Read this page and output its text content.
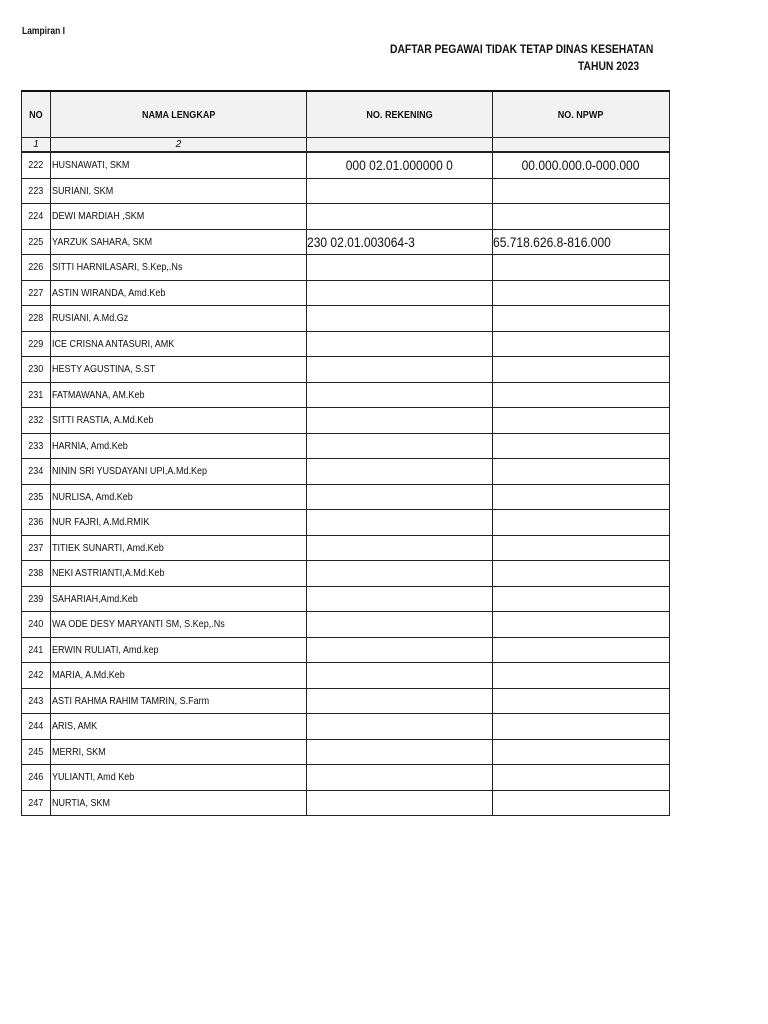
Lampiran I
DAFTAR PEGAWAI TIDAK TETAP DINAS KESEHATAN
TAHUN 2023
NO	NAMA LENGKAP	NO. REKENING	NO. NPWP
1	2		
222	HUSNAWATI, SKM	000 02.01.000000 0	00.000.000.0-000.000
223	SURIANI, SKM		
224	DEWI MARDIAH ,SKM		
225	YARZUK SAHARA, SKM	230 02.01.003064-3	65.718.626.8-816.000
226	SITTI HARNILASARI, S.Kep,.Ns		
227	ASTIN WIRANDA, Amd.Keb		
228	RUSIANI, A.Md.Gz		
229	ICE CRISNA ANTASURI, AMK		
230	HESTY AGUSTINA, S.ST		
231	FATMAWANA, AM.Keb		
232	SITTI RASTIA, A.Md.Keb		
233	HARNIA, Amd.Keb		
234	NININ SRI YUSDAYANI UPI,A.Md.Kep		
235	NURLISA, Amd.Keb		
236	NUR FAJRI, A.Md.RMIK		
237	TITIEK SUNARTI, Amd.Keb		
238	NEKI ASTRIANTI,A.Md.Keb		
239	SAHARIAH,Amd.Keb		
240	WA ODE DESY MARYANTI SM, S.Kep,.Ns		
241	ERWIN RULIATI, Amd.kep		
242	MARIA, A.Md.Keb		
243	ASTI RAHMA RAHIM TAMRIN, S.Farm		
244	ARIS, AMK		
245	MERRI, SKM		
246	YULIANTI, Amd Keb		
247	NURTIA, SKM		
